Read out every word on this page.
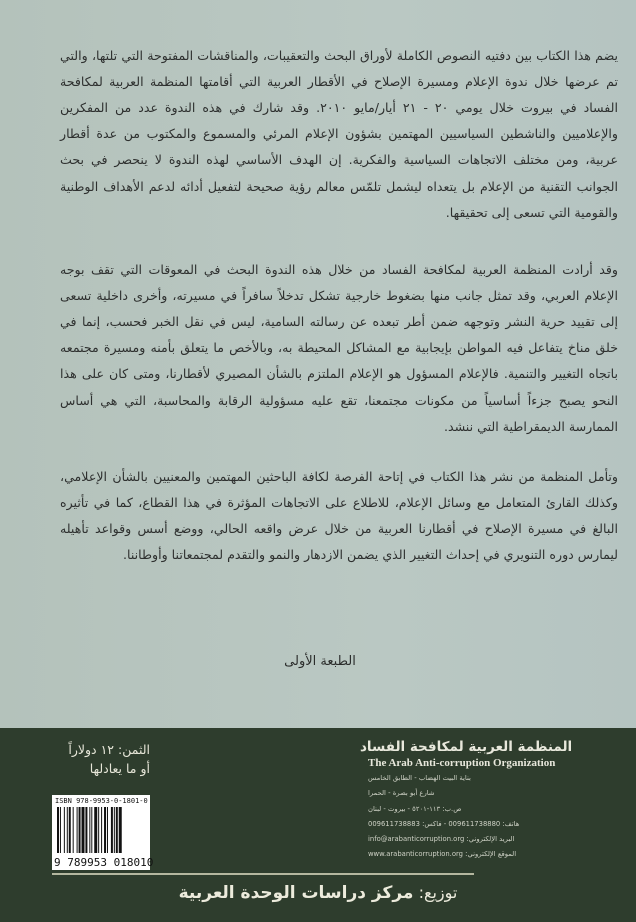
يضم هذا الكتاب بين دفتيه النصوص الكاملة لأوراق البحث والتعقيبات، والمناقشات المفتوحة التي تلتها، والتي تم عرضها خلال ندوة الإعلام ومسيرة الإصلاح في الأقطار العربية التي أقامتها المنظمة العربية لمكافحة الفساد في بيروت خلال يومي ٢٠ - ٢١ أيار/مايو ٢٠١٠. وقد شارك في هذه الندوة عدد من المفكرين والإعلاميين والناشطين السياسيين المهتمين بشؤون الإعلام المرئي والمسموع والمكتوب من عدة أقطار عربية، ومن مختلف الاتجاهات السياسية والفكرية. إن الهدف الأساسي لهذه الندوة لا ينحصر في بحث الجوانب التقنية من الإعلام بل يتعداه ليشمل تلمّس معالم رؤية صحيحة لتفعيل أدائه لدعم الأهداف الوطنية والقومية التي تسعى إلى تحقيقها.

وقد أرادت المنظمة العربية لمكافحة الفساد من خلال هذه الندوة البحث في المعوقات التي تقف بوجه الإعلام العربي، وقد تمثل جانب منها بضغوط خارجية تشكل تدخلاً سافراً في مسيرته، وأخرى داخلية تسعى إلى تقييد حرية النشر وتوجهه ضمن أطر تبعده عن رسالته السامية، ليس في نقل الخبر فحسب، إنما في خلق مناخ يتفاعل فيه المواطن بإيجابية مع المشاكل المحيطة به، وبالأخص ما يتعلق بأمنه ومسيرة مجتمعه باتجاه التغيير والتنمية. فالإعلام المسؤول هو الإعلام الملتزم بالشأن المصيري لأقطارنا، ومتى كان على هذا النحو يصبح جزءاً أساسياً من مكونات مجتمعنا، تقع عليه مسؤولية الرقابة والمحاسبة، التي هي أساس الممارسة الديمقراطية التي ننشد.

وتأمل المنظمة من نشر هذا الكتاب في إتاحة الفرصة لكافة الباحثين المهتمين والمعنيين بالشأن الإعلامي، وكذلك القارئ المتعامل مع وسائل الإعلام، للاطلاع على الاتجاهات المؤثرة في هذا القطاع، كما في تأثيره البالغ في مسيرة الإصلاح في أقطارنا العربية من خلال عرض واقعه الحالي، ووضع أسس وقواعد تأهيله ليمارس دوره التنويري في إحداث التغيير الذي يضمن الازدهار والنمو والتقدم لمجتمعاتنا وأوطاننا.

الطبعة الأولى
الثمن: ١٢ دولاراً
أو ما يعادلها
ISBN 978-9953-0-1801-0
9 789953 018010
المنظمة العربية لمكافحة الفساد
The Arab Anti-corruption Organization
بناية البيت الهضاب - الطابق الخامس
شارع أبو بصرة - الحمرا
ص.ب: ١١٣-٥٢٠١ - بيروت - لبنان
هاتف: 009611738880 - فاكس: 009611738883
البريد الإلكتروني: info@arabanticorruption.org
الموقع الإلكتروني: www.arabanticorruption.org
توزيع: مركز دراسات الوحدة العربية
